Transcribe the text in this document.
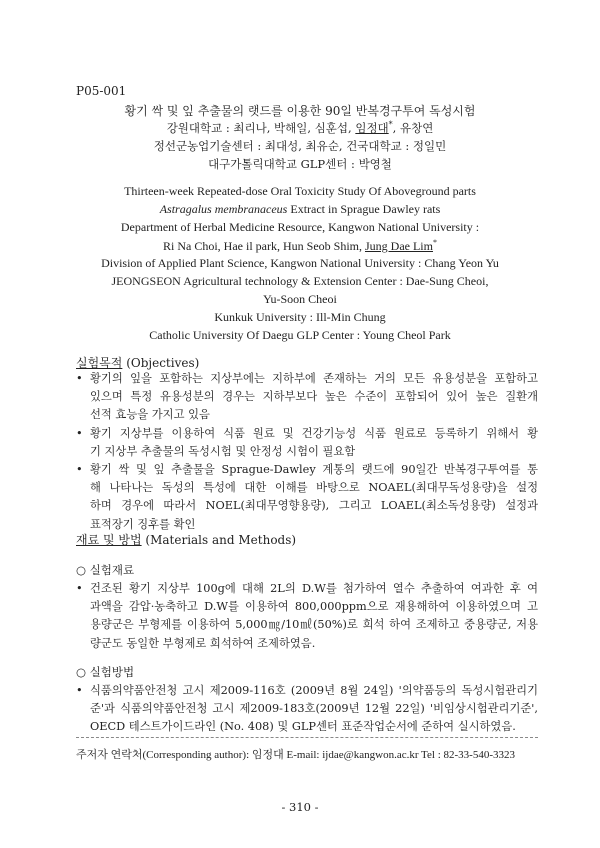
P05-001
황기 싹 및 잎 추출물의 랫드를 이용한 90일 반복경구투여 독성시험
강원대학교 : 최리나, 박해일, 심훈섭, 임정대*, 유창연
정선군농업기술센터 : 최대성, 최유순, 건국대학교 : 정일민
대구가톨릭대학교 GLP센터 : 박영철
Thirteen-week Repeated-dose Oral Toxicity Study Of Aboveground parts
Astragalus membranaceus Extract in Sprague Dawley rats
Department of Herbal Medicine Resource, Kangwon National University :
Ri Na Choi, Hae il park, Hun Seob Shim, Jung Dae Lim*
Division of Applied Plant Science, Kangwon National University : Chang Yeon Yu
JEONGSEON Agricultural technology & Extension Center : Dae-Sung Cheoi,
Yu-Soon Cheoi
Kunkuk University : Ill-Min Chung
Catholic University Of Daegu GLP Center : Young Cheol Park
실험목적 (Objectives)
• 황기의 잎을 포함하는 지상부에는 지하부에 존재하는 거의 모든 유용성분을 포함하고
있으며 특정 유용성분의 경우는 지하부보다 높은 수준이 포함되어 있어 높은 질환개
선적 효능을 가지고 있음
• 황기 지상부를 이용하여 식품 원료 및 건강기능성 식품 원료로 등록하기 위해서 황
기 지상부 추출물의 독성시험 및 안정성 시험이 필요함
• 황기 싹 및 잎 추출물을 Sprague-Dawley 계통의 랫드에 90일간 반복경구투여를 통
해 나타나는 독성의 특성에 대한 이해를 바탕으로 NOAEL(최대무독성용량)을 설정
하며 경우에 따라서 NOEL(최대무영향용량), 그리고 LOAEL(최소독성용량) 설정과
표적장기 징후를 확인
재료 및 방법 (Materials and Methods)
○ 실험재료
• 건조된 황기 지상부 100g에 대해 2L의 D.W를 첨가하여 열수 추출하여 여과한 후 여
과액을 감압·농축하고 D.W를 이용하여 800,000ppm으로 재용해하여 이용하였으며 고
용량군은 부형제를 이용하여 5,000㎎/10㎖(50%)로 희석 하여 조제하고 중용량군, 저용
량군도 동일한 부형제로 희석하여 조제하였음.
○ 실험방법
• 식품의약품안전청 고시 제2009-116호 (2009년 8월 24일) '의약품등의 독성시험관리기
준'과 식품의약품안전청 고시 제2009-183호(2009년 12월 22일) '비임상시험관리기준',
OECD 테스트가이드라인 (No. 408) 및 GLP센터 표준작업순서에 준하여 실시하였음.
주저자 연락처(Corresponding author): 임정대 E-mail: ijdae@kangwon.ac.kr Tel : 82-33-540-3323
- 310 -
